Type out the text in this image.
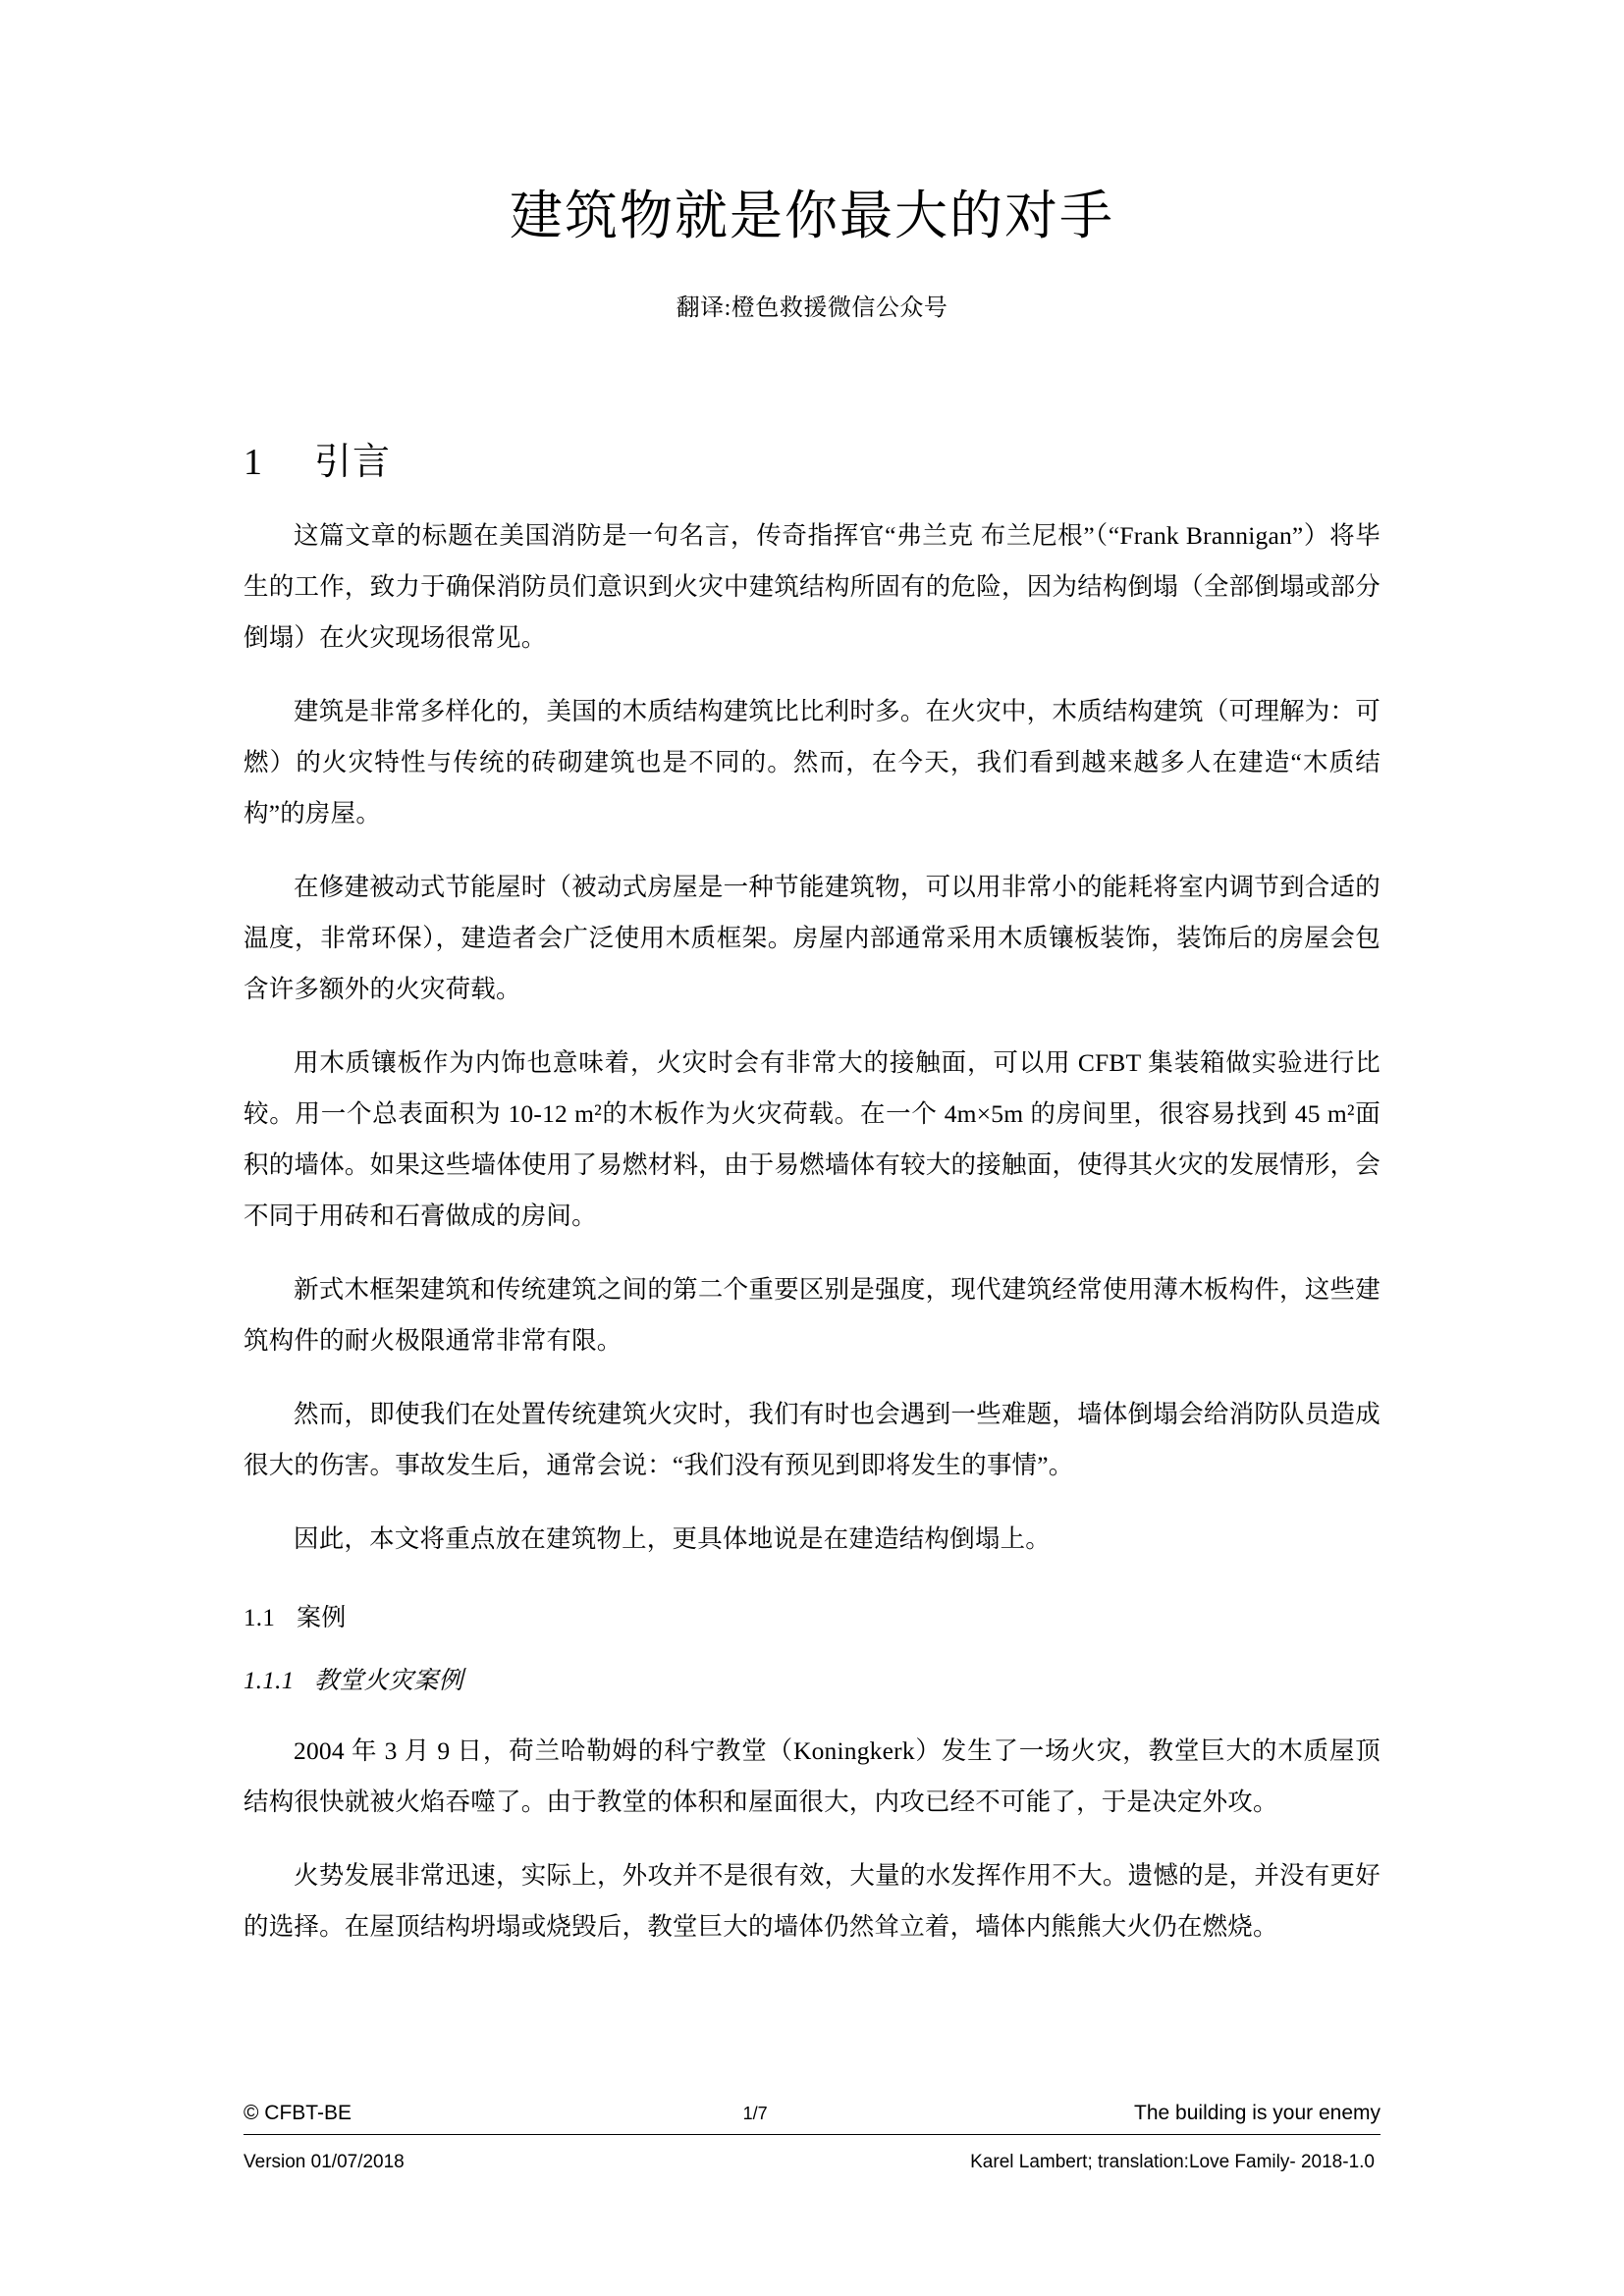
建筑物就是你最大的对手
翻译:橙色救援微信公众号
1 引言

这篇文章的标题在美国消防是一句名言，传奇指挥官“弗兰克 布兰尼根”（“Frank Brannigan”）将毕生的工作，致力于确保消防员们意识到火灾中建筑结构所固有的危险，因为结构倒塌（全部倒塌或部分倒塌）在火灾现场很常见。

建筑是非常多样化的，美国的木质结构建筑比比利时多。在火灾中，木质结构建筑（可理解为：可燃）的火灾特性与传统的砖砌建筑也是不同的。然而，在今天，我们看到越来越多人在建造“木质结构”的房屋。

在修建被动式节能屋时（被动式房屋是一种节能建筑物，可以用非常小的能耗将室内调节到合适的温度，非常环保），建造者会广泛使用木质框架。房屋内部通常采用木质镶板装饰，装饰后的房屋会包含许多额外的火灾荷载。

用木质镶板作为内饰也意味着，火灾时会有非常大的接触面，可以用 CFBT 集装箱做实验进行比较。用一个总表面积为 10-12 m²的木板作为火灾荷载。在一个 4m×5m 的房间里，很容易找到 45 m²面积的墙体。如果这些墙体使用了易燃材料，由于易燃墙体有较大的接触面，使得其火灾的发展情形，会不同于用砖和石膏做成的房间。

新式木框架建筑和传统建筑之间的第二个重要区别是强度，现代建筑经常使用薄木板构件，这些建筑构件的耐火极限通常非常有限。

然而，即使我们在处置传统建筑火灾时，我们有时也会遇到一些难题，墙体倒塌会给消防队员造成很大的伤害。事故发生后，通常会说：“我们没有预见到即将发生的事情”。

因此，本文将重点放在建筑物上，更具体地说是在建造结构倒塌上。

1.1 案例
1.1.1 教堂火灾案例

2004 年 3 月 9 日，荷兰哈勒姆的科宁教堂（Koningkerk）发生了一场火灾，教堂巨大的木质屋顶结构很快就被火焰吞噬了。由于教堂的体积和屋面很大，内攻已经不可能了，于是决定外攻。

火势发展非常迅速，实际上，外攻并不是很有效，大量的水发挥作用不大。遗憾的是，并没有更好的选择。在屋顶结构坍塌或烧毁后，教堂巨大的墙体仍然耸立着，墙体内熊熊大火仍在燃烧。

© CFBT-BE	1/7	The building is your enemy
Version 01/07/2018	Karel Lambert; translation:Love Family- 2018-1.0
